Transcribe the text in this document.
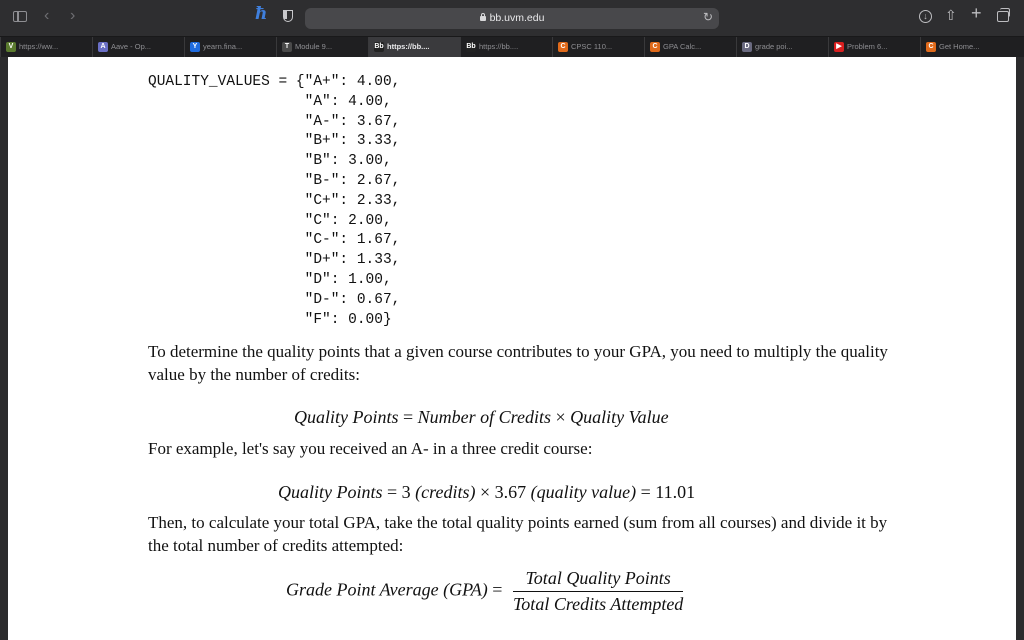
‹ ›	ħ	bb.uvm.edu	↻	↓	⇧ +
V https://ww...	A Aave - Op...	Y yearn.fina...	T Module 9...	Bb https://bb....	Bb https://bb....	C CPSC 110...	C GPA Calc...	D grade poi...	▶ Problem 6...	C Get Home...
QUALITY_VALUES = {"A+": 4.00,
"A": 4.00,
"A-": 3.67,
"B+": 3.33,
"B": 3.00,
"B-": 2.67,
"C+": 2.33,
"C": 2.00,
"C-": 1.67,
"D+": 1.33,
"D": 1.00,
"D-": 0.67,
"F": 0.00}

To determine the quality points that a given course contributes to your GPA, you need to multiply the quality value by the number of credits:

Quality Points = Number of Credits × Quality Value

For example, let's say you received an A- in a three credit course:

Quality Points = 3 (credits) × 3.67 (quality value) = 11.01

Then, to calculate your total GPA, take the total quality points earned (sum from all courses) and divide it by the total number of credits attempted:

Grade Point Average $(GPA) = \frac{\text{Total Quality Points}}{\text{Total Credits Attempted}}$
